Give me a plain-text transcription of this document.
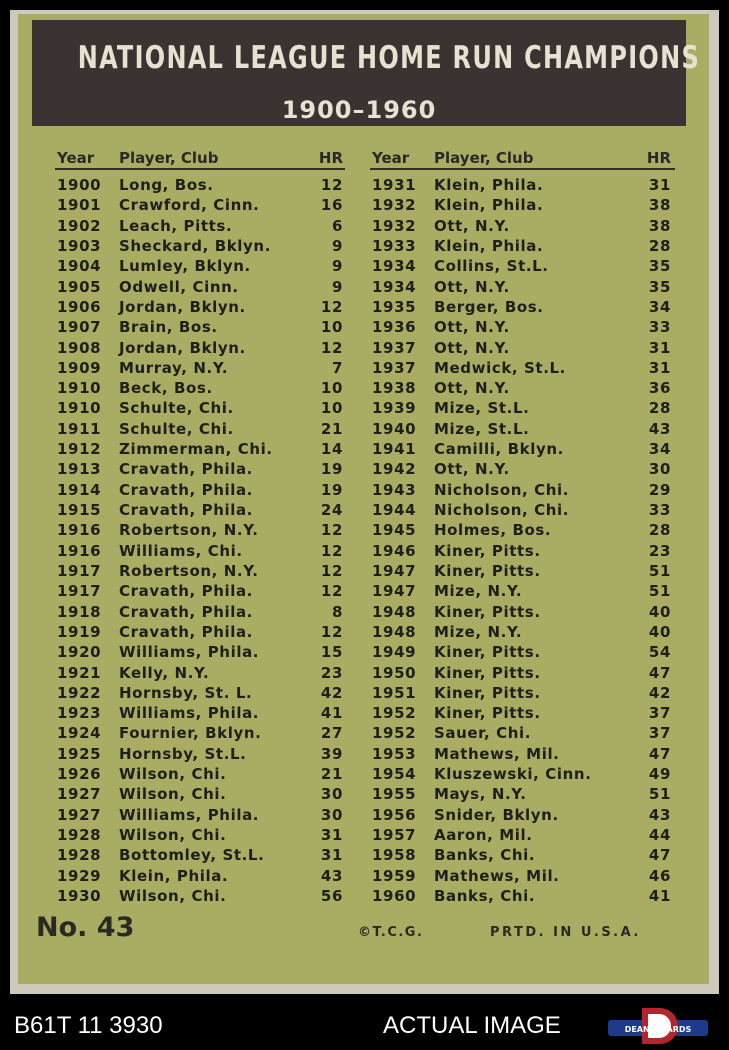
NATIONAL LEAGUE HOME RUN CHAMPIONS
1900–1960
Year Player, Club	HR
1900 Long, Bos.	12
1901 Crawford, Cinn.	16
1902 Leach, Pitts.	6
1903 Sheckard, Bklyn.	9
1904 Lumley, Bklyn.	9
1905 Odwell, Cinn.	9
1906 Jordan, Bklyn.	12
1907 Brain, Bos.	10
1908 Jordan, Bklyn.	12
1909 Murray, N.Y.	7
1910 Beck, Bos.	10
1910 Schulte, Chi.	10
1911 Schulte, Chi.	21
1912 Zimmerman, Chi.	14
1913 Cravath, Phila.	19
1914 Cravath, Phila.	19
1915 Cravath, Phila.	24
1916 Robertson, N.Y.	12
1916 Williams, Chi.	12
1917 Robertson, N.Y.	12
1917 Cravath, Phila.	12
1918 Cravath, Phila.	8
1919 Cravath, Phila.	12
1920 Williams, Phila.	15
1921 Kelly, N.Y.	23
1922 Hornsby, St. L.	42
1923 Williams, Phila.	41
1924 Fournier, Bklyn.	27
1925 Hornsby, St.L.	39
1926 Wilson, Chi.	21
1927 Wilson, Chi.	30
1927 Williams, Phila.	30
1928 Wilson, Chi.	31
1928 Bottomley, St.L.	31
1929 Klein, Phila.	43
1930 Wilson, Chi.	56
Year Player, Club	HR
1931 Klein, Phila.	31
1932 Klein, Phila.	38
1932 Ott, N.Y.	38
1933 Klein, Phila.	28
1934 Collins, St.L.	35
1934 Ott, N.Y.	35
1935 Berger, Bos.	34
1936 Ott, N.Y.	33
1937 Ott, N.Y.	31
1937 Medwick, St.L.	31
1938 Ott, N.Y.	36
1939 Mize, St.L.	28
1940 Mize, St.L.	43
1941 Camilli, Bklyn.	34
1942 Ott, N.Y.	30
1943 Nicholson, Chi.	29
1944 Nicholson, Chi.	33
1945 Holmes, Bos.	28
1946 Kiner, Pitts.	23
1947 Kiner, Pitts.	51
1947 Mize, N.Y.	51
1948 Kiner, Pitts.	40
1948 Mize, N.Y.	40
1949 Kiner, Pitts.	54
1950 Kiner, Pitts.	47
1951 Kiner, Pitts.	42
1952 Kiner, Pitts.	37
1952 Sauer, Chi.	37
1953 Mathews, Mil.	47
1954 Kluszewski, Cinn.	49
1955 Mays, N.Y.	51
1956 Snider, Bklyn.	43
1957 Aaron, Mil.	44
1958 Banks, Chi.	47
1959 Mathews, Mil.	46
1960 Banks, Chi.	41
No. 43	©T.C.G.	PRTD. IN U.S.A.
B61T 11 3930	ACTUAL IMAGE	DEAN'S CARDS
